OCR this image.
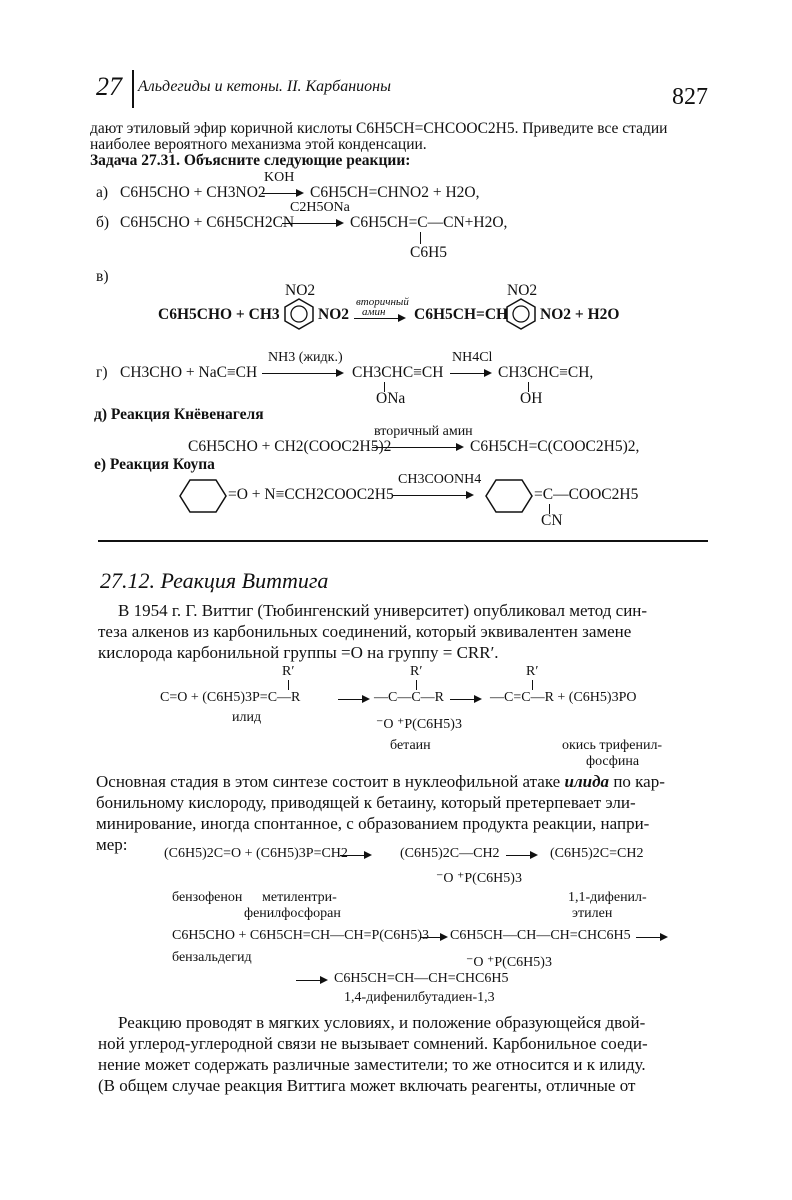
27 Альдегиды и кетоны. II. Карбанионы	827
дают этиловый эфир коричной кислоты C6H5CH=CHCOOC2H5. Приведите все стадии
наиболее вероятного механизма этой конденсации.
Задача 27.31. Объясните следующие реакции:
KOH
а) C6H5CHO + CH3NO2	C6H5CH=CHNO2 + H2O,
C2H5ONa
б) C6H5CHO + C6H5CH2CN	C6H5CH=C—CN+H2O,
C6H5
в)
NO2	NO2
C6H5CHO + CH3 NO2
вторичный
амин C6H5CH=CH NO2 + H2O
NH3 (жидк.)	NH4Cl
г) CH3CHO + NaC≡CH	CH3CHC≡CH
ONa
CH3CHC≡CH,
OH
д) Реакция Кнёвенагеля
вторичный амин
C6H5CHO + CH2(COOC2H5)2	C6H5CH=C(COOC2H5)2,
е) Реакция Коупа
=O + N≡CCH2COOC2H5
CH3COONH4
=C—COOC2H5
CN
27.12. Реакция Виттига
В 1954 г. Г. Виттиг (Тюбингенский университет) опубликовал метод син-
теза алкенов из карбонильных соединений, который эквивалентен замене
кислорода карбонильной группы =O на группу = CRR′.
R′	R′	R′
C=O + (C6H5)3P=C—R	—C—C—R	—C=C—R + (C6H5)3PO
⁻O ⁺P(C6H5)3
илид
бетаин	окись трифенил-
фосфина
Основная стадия в этом синтезе состоит в нуклеофильной атаке илида по кар-
бонильному кислороду, приводящей к бетаину, который претерпевает эли-
минирование, иногда спонтанное, с образованием продукта реакции, напри-
мер:	(C6H5)2C=O + (C6H5)3P=CH2	(C6H5)2C—CH2	(C6H5)2C=CH2
⁻O ⁺P(C6H5)3
бензофенон метилентри-
фенилфосфоран
1,1-дифенил-
этилен
C6H5CHO + C6H5CH=CH—CH=P(C6H5)3 C6H5CH—CH—CH=CHC6H5
⁻O ⁺P(C6H5)3
бензальдегид
C6H5CH=CH—CH=CHC6H5
1,4-дифенилбутадиен-1,3
Реакцию проводят в мягких условиях, и положение образующейся двой-
ной углерод-углеродной связи не вызывает сомнений. Карбонильное соеди-
нение может содержать различные заместители; то же относится и к илиду.
(В общем случае реакция Виттига может включать реагенты, отличные от
